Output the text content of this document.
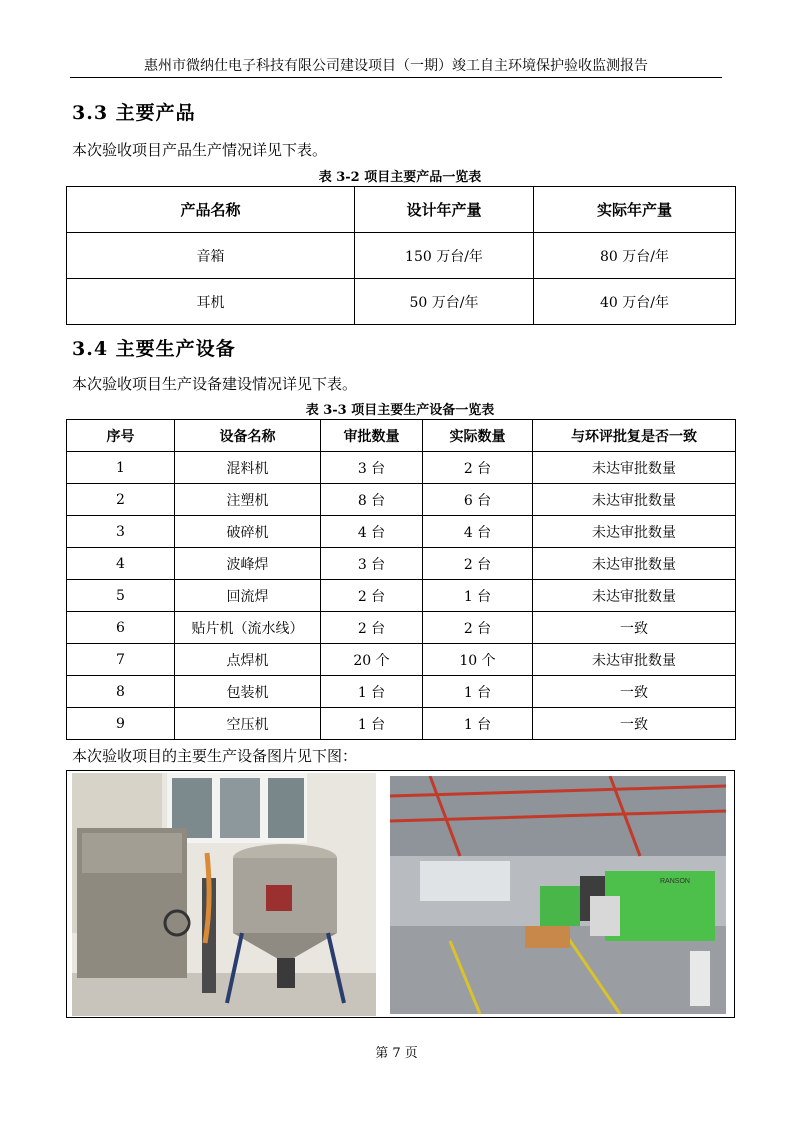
惠州市微纳仕电子科技有限公司建设项目（一期）竣工自主环境保护验收监测报告
3.3 主要产品
本次验收项目产品生产情况详见下表。
表 3-2 项目主要产品一览表
产品名称	设计年产量	实际年产量
音箱	150 万台/年	80 万台/年
耳机	50 万台/年	40 万台/年
3.4 主要生产设备
本次验收项目生产设备建设情况详见下表。
表 3-3 项目主要生产设备一览表
序号	设备名称	审批数量	实际数量	与环评批复是否一致
1	混料机	3 台	2 台	未达审批数量
2	注塑机	8 台	6 台	未达审批数量
3	破碎机	4 台	4 台	未达审批数量
4	波峰焊	3 台	2 台	未达审批数量
5	回流焊	2 台	1 台	未达审批数量
6	贴片机（流水线）	2 台	2 台	一致
7	点焊机	20 个	10 个	未达审批数量
8	包装机	1 台	1 台	一致
9	空压机	1 台	1 台	一致
本次验收项目的主要生产设备图片见下图：
RANSON
第 7 页
